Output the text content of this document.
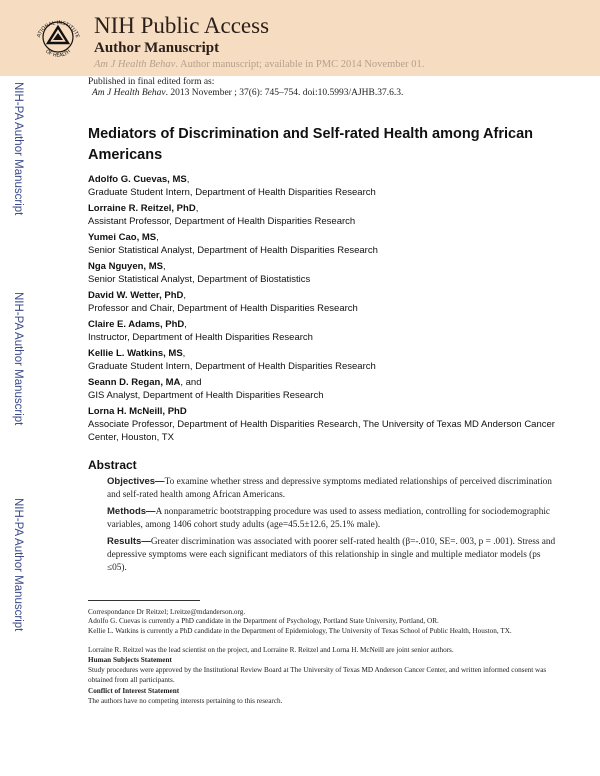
ATIONAL INSTITUTE
OF HEALTH
NIH Public Access
Author Manuscript
Am J Health Behav. Author manuscript; available in PMC 2014 November 01.
NIH-PA Author Manuscript
NIH-PA Author Manuscript
NIH-PA Author Manuscript
Published in final edited form as:
Am J Health Behav. 2013 November ; 37(6): 745–754. doi:10.5993/AJHB.37.6.3.
Mediators of Discrimination and Self-rated Health among African Americans
Adolfo G. Cuevas, MS,
Graduate Student Intern, Department of Health Disparities Research
Lorraine R. Reitzel, PhD,
Assistant Professor, Department of Health Disparities Research
Yumei Cao, MS,
Senior Statistical Analyst, Department of Health Disparities Research
Nga Nguyen, MS,
Senior Statistical Analyst, Department of Biostatistics
David W. Wetter, PhD,
Professor and Chair, Department of Health Disparities Research
Claire E. Adams, PhD,
Instructor, Department of Health Disparities Research
Kellie L. Watkins, MS,
Graduate Student Intern, Department of Health Disparities Research
Seann D. Regan, MA, and
GIS Analyst, Department of Health Disparities Research
Lorna H. McNeill, PhD
Associate Professor, Department of Health Disparities Research, The University of Texas MD Anderson Cancer Center, Houston, TX
Abstract
Objectives—To examine whether stress and depressive symptoms mediated relationships of perceived discrimination and self-rated health among African Americans.
Methods—A nonparametric bootstrapping procedure was used to assess mediation, controlling for sociodemographic variables, among 1406 cohort study adults (age=45.5±12.6, 25.1% male).
Results—Greater discrimination was associated with poorer self-rated health (β=-.010, SE=. 003, p = .001). Stress and depressive symptoms were each significant mediators of this relationship in single and multiple mediator models (ps ≤05).
Correspondance Dr Reitzel; Lreitze@mdanderson.org.
Adolfo G. Cuevas is currently a PhD candidate in the Department of Psychology, Portland State University, Portland, OR.
Kellie L. Watkins is currently a PhD candidate in the Department of Epidemiology, The University of Texas School of Public Health, Houston, TX.
Lorraine R. Reitzel was the lead scientist on the project, and Lorraine R. Reitzel and Lorna H. McNeill are joint senior authors.
Human Subjects Statement
Study procedures were approved by the Institutional Review Board at The University of Texas MD Anderson Cancer Center, and written informed consent was obtained from all participants.
Conflict of Interest Statement
The authors have no competing interests pertaining to this research.
